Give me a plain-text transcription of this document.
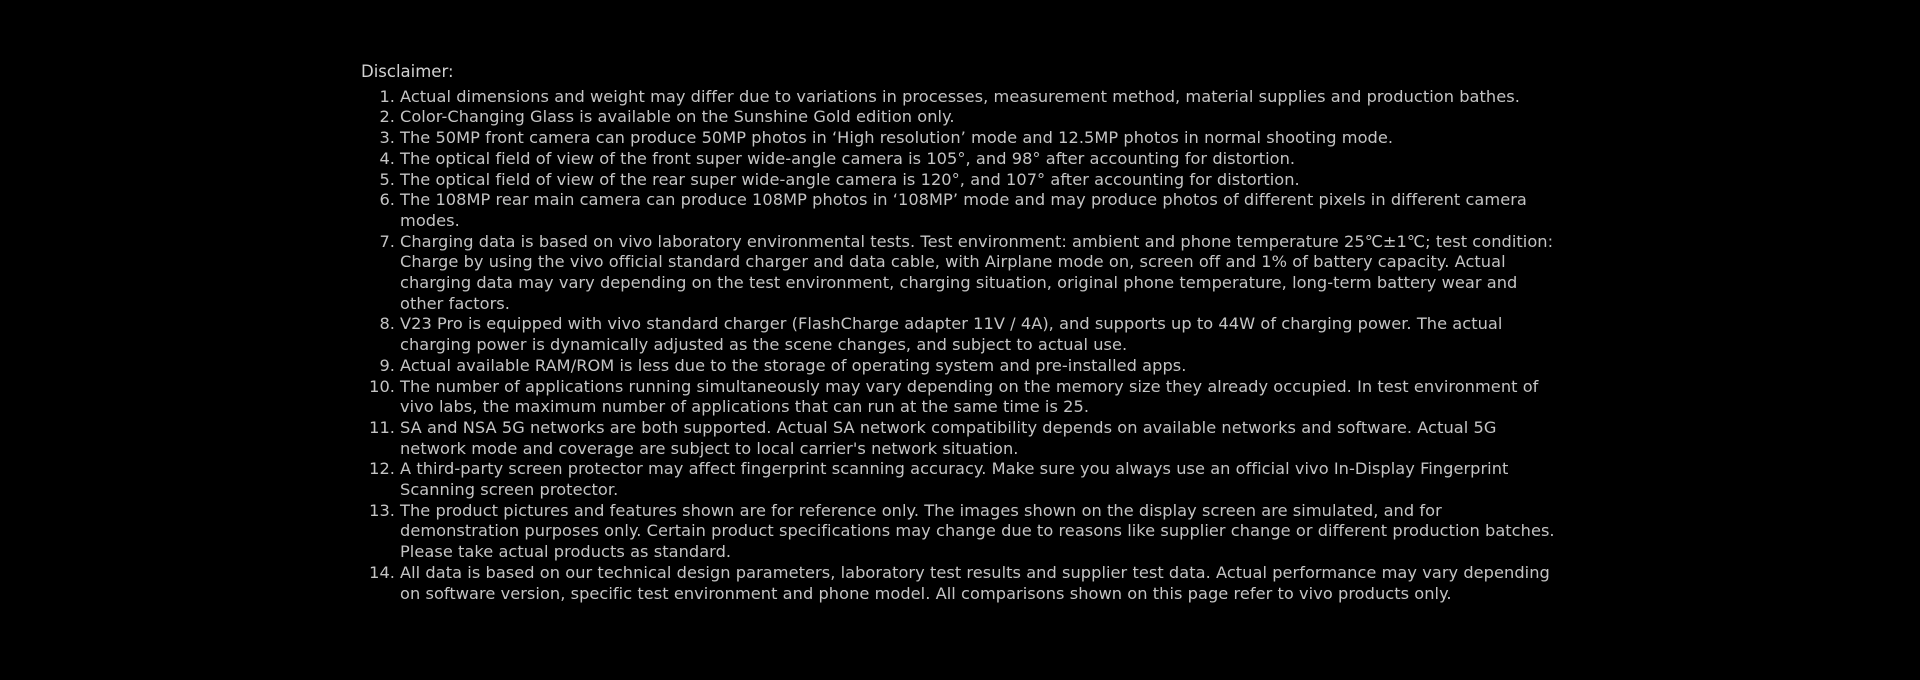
Disclaimer:
1. Actual dimensions and weight may differ due to variations in processes, measurement method, material supplies and production bathes.
2. Color-Changing Glass is available on the Sunshine Gold edition only.
3. The 50MP front camera can produce 50MP photos in ‘High resolution’ mode and 12.5MP photos in normal shooting mode.
4. The optical field of view of the front super wide-angle camera is 105°, and 98° after accounting for distortion.
5. The optical field of view of the rear super wide-angle camera is 120°, and 107° after accounting for distortion.
6. The 108MP rear main camera can produce 108MP photos in ‘108MP’ mode and may produce photos of different pixels in different camera modes.
7. Charging data is based on vivo laboratory environmental tests. Test environment: ambient and phone temperature 25℃±1℃; test condition: Charge by using the vivo official standard charger and data cable, with Airplane mode on, screen off and 1% of battery capacity. Actual charging data may vary depending on the test environment, charging situation, original phone temperature, long-term battery wear and other factors.
8. V23 Pro is equipped with vivo standard charger (FlashCharge adapter 11V / 4A), and supports up to 44W of charging power. The actual charging power is dynamically adjusted as the scene changes, and subject to actual use.
9. Actual available RAM/ROM is less due to the storage of operating system and pre-installed apps.
10. The number of applications running simultaneously may vary depending on the memory size they already occupied. In test environment of vivo labs, the maximum number of applications that can run at the same time is 25.
11. SA and NSA 5G networks are both supported. Actual SA network compatibility depends on available networks and software. Actual 5G network mode and coverage are subject to local carrier's network situation.
12. A third-party screen protector may affect fingerprint scanning accuracy. Make sure you always use an official vivo In-Display Fingerprint Scanning screen protector.
13. The product pictures and features shown are for reference only. The images shown on the display screen are simulated, and for demonstration purposes only. Certain product specifications may change due to reasons like supplier change or different production batches. Please take actual products as standard.
14. All data is based on our technical design parameters, laboratory test results and supplier test data. Actual performance may vary depending on software version, specific test environment and phone model. All comparisons shown on this page refer to vivo products only.
